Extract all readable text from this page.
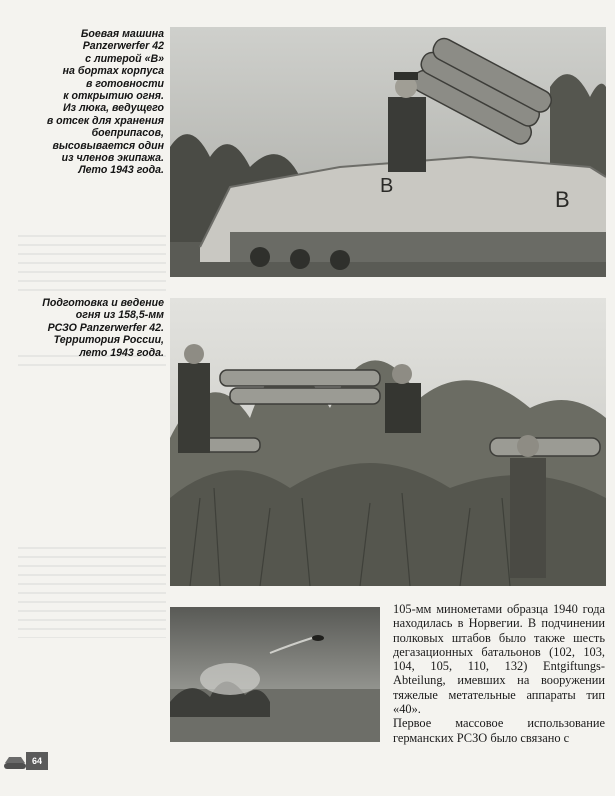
Боевая машина
Panzerwerfer 42
с литерой «B»
на бортах корпуса
в готовности
к открытию огня.
Из люка, ведущего
в отсек для хранения
боеприпасов,
высовывается один
из членов экипажа.
Лето 1943 года.
B
B
Подготовка и ведение
огня из 158,5-мм
РСЗО Panzerwerfer 42.
Территория России,
лето 1943 года.
105-мм минометами образца 1940 года находилась в Норвегии. В подчинении полковых штабов было также шесть дегазационных батальонов (102, 103, 104, 105, 110, 132) Entgiftungs-Abteilung, имевших на вооружении тяжелые метательные аппараты тип «40».
Первое массовое использование германских РСЗО было связано с
64
